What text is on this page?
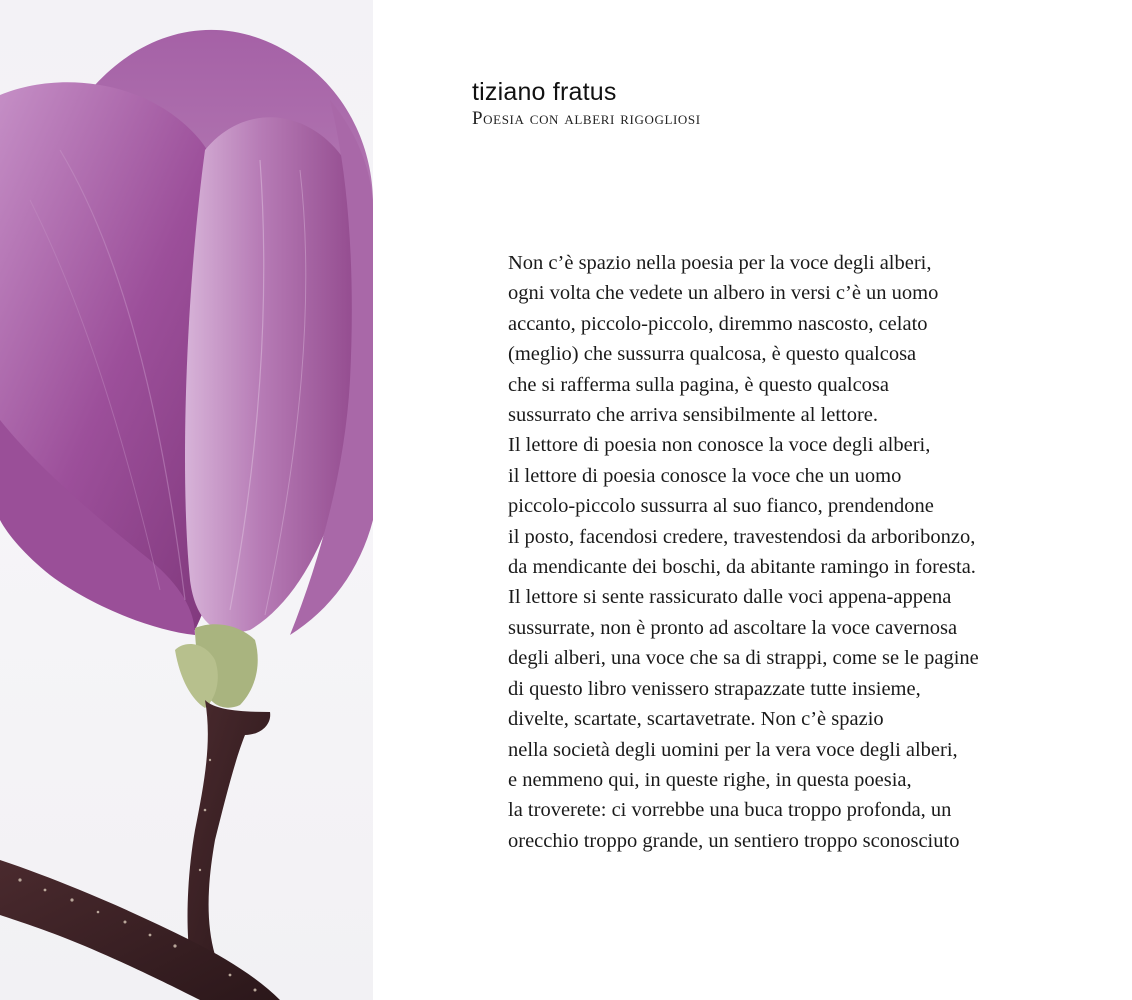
tiziano fratus
Poesia con alberi rigogliosi
Non c’è spazio nella poesia per la voce degli alberi,
ogni volta che vedete un albero in versi c’è un uomo
accanto, piccolo-piccolo, diremmo nascosto, celato
(meglio) che sussurra qualcosa, è questo qualcosa
che si rafferma sulla pagina, è questo qualcosa
sussurrato che arriva sensibilmente al lettore.
Il lettore di poesia non conosce la voce degli alberi,
il lettore di poesia conosce la voce che un uomo
piccolo-piccolo sussurra al suo fianco, prendendone
il posto, facendosi credere, travestendosi da arboribonzo,
da mendicante dei boschi, da abitante ramingo in foresta.
Il lettore si sente rassicurato dalle voci appena-appena
sussurrate, non è pronto ad ascoltare la voce cavernosa
degli alberi, una voce che sa di strappi, come se le pagine
di questo libro venissero strapazzate tutte insieme,
divelte, scartate, scartavetrate. Non c’è spazio
nella società degli uomini per la vera voce degli alberi,
e nemmeno qui, in queste righe, in questa poesia,
la troverete: ci vorrebbe una buca troppo profonda, un
orecchio troppo grande, un sentiero troppo sconosciuto
